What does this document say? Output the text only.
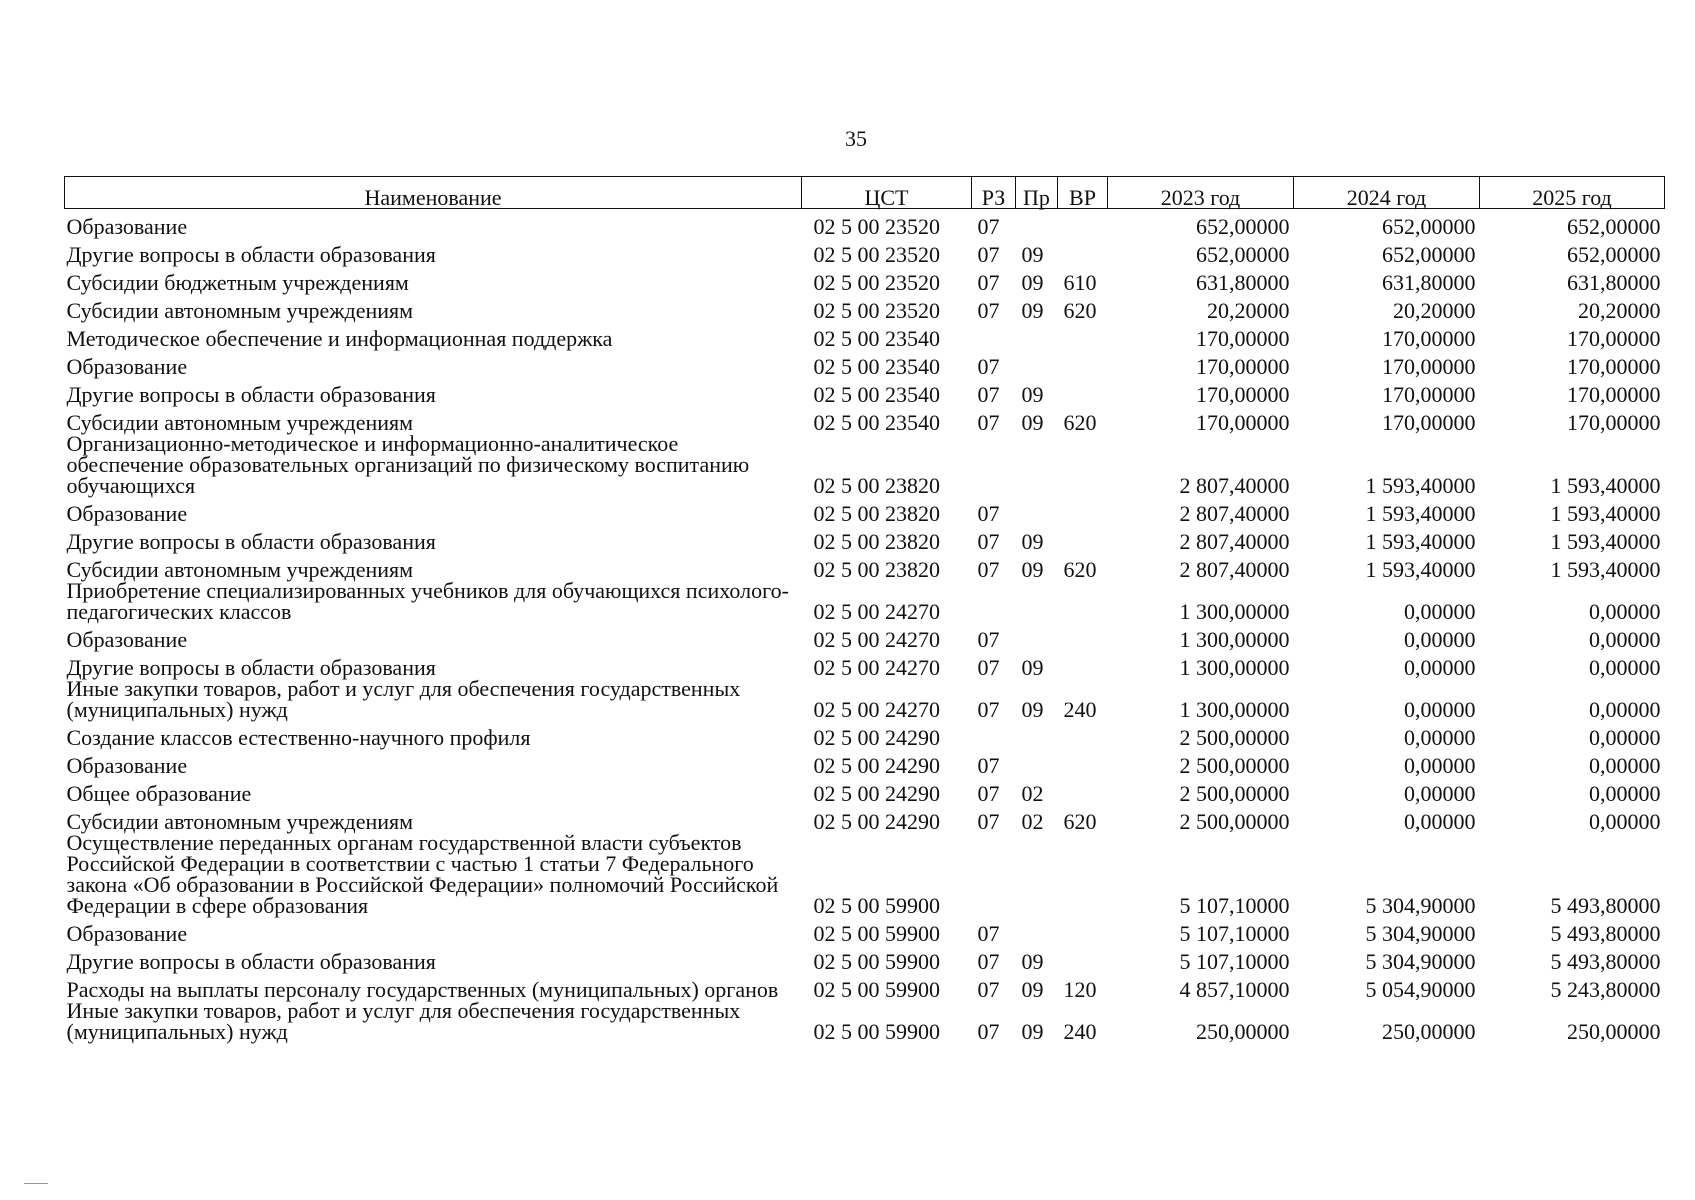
35
Наименование	ЦСТ	РЗ	Пр	ВР	2023 год	2024 год	2025 год
Образование	02 5 00 23520	07			652,00000	652,00000	652,00000
Другие вопросы в области образования	02 5 00 23520	07	09		652,00000	652,00000	652,00000
Субсидии бюджетным учреждениям	02 5 00 23520	07	09	610	631,80000	631,80000	631,80000
Субсидии автономным учреждениям	02 5 00 23520	07	09	620	20,20000	20,20000	20,20000
Методическое обеспечение и информационная поддержка	02 5 00 23540				170,00000	170,00000	170,00000
Образование	02 5 00 23540	07			170,00000	170,00000	170,00000
Другие вопросы в области образования	02 5 00 23540	07	09		170,00000	170,00000	170,00000
Субсидии автономным учреждениям	02 5 00 23540	07	09	620	170,00000	170,00000	170,00000
Организационно-методическое и информационно-аналитическое обеспечение образовательных организаций по физическому воспитанию обучающихся	02 5 00 23820				2 807,40000	1 593,40000	1 593,40000
Образование	02 5 00 23820	07			2 807,40000	1 593,40000	1 593,40000
Другие вопросы в области образования	02 5 00 23820	07	09		2 807,40000	1 593,40000	1 593,40000
Субсидии автономным учреждениям	02 5 00 23820	07	09	620	2 807,40000	1 593,40000	1 593,40000
Приобретение специализированных учебников для обучающихся психолого-педагогических классов	02 5 00 24270				1 300,00000	0,00000	0,00000
Образование	02 5 00 24270	07			1 300,00000	0,00000	0,00000
Другие вопросы в области образования	02 5 00 24270	07	09		1 300,00000	0,00000	0,00000
Иные закупки товаров, работ и услуг для обеспечения государственных (муниципальных) нужд	02 5 00 24270	07	09	240	1 300,00000	0,00000	0,00000
Создание классов естественно-научного профиля	02 5 00 24290				2 500,00000	0,00000	0,00000
Образование	02 5 00 24290	07			2 500,00000	0,00000	0,00000
Общее образование	02 5 00 24290	07	02		2 500,00000	0,00000	0,00000
Субсидии автономным учреждениям	02 5 00 24290	07	02	620	2 500,00000	0,00000	0,00000
Осуществление переданных органам государственной власти субъектов Российской Федерации в соответствии с частью 1 статьи 7 Федерального закона «Об образовании в Российской Федерации» полномочий Российской Федерации в сфере образования	02 5 00 59900				5 107,10000	5 304,90000	5 493,80000
Образование	02 5 00 59900	07			5 107,10000	5 304,90000	5 493,80000
Другие вопросы в области образования	02 5 00 59900	07	09		5 107,10000	5 304,90000	5 493,80000
Расходы на выплаты персоналу государственных (муниципальных) органов	02 5 00 59900	07	09	120	4 857,10000	5 054,90000	5 243,80000
Иные закупки товаров, работ и услуг для обеспечения государственных (муниципальных) нужд	02 5 00 59900	07	09	240	250,00000	250,00000	250,00000
